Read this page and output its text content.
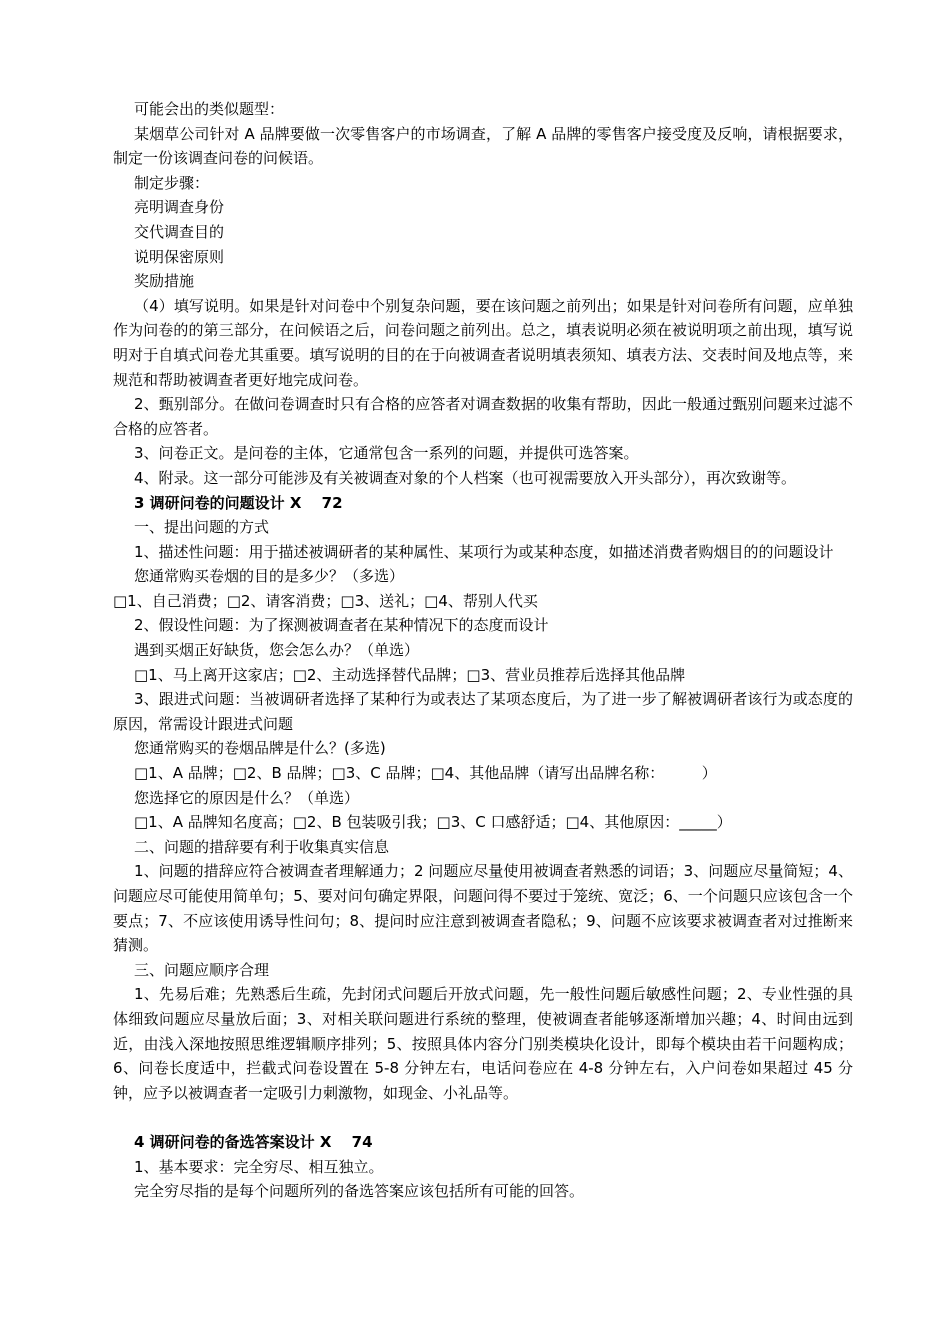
可能会出的类似题型：

某烟草公司针对 A 品牌要做一次零售客户的市场调查，了解 A 品牌的零售客户接受度及反响，请根据要求，制定一份该调查问卷的问候语。

制定步骤：

亮明调查身份

交代调查目的

说明保密原则

奖励措施

（4）填写说明。如果是针对问卷中个别复杂问题，要在该问题之前列出；如果是针对问卷所有问题，应单独作为问卷的的第三部分，在问候语之后，问卷问题之前列出。总之，填表说明必须在被说明项之前出现，填写说明对于自填式问卷尤其重要。填写说明的目的在于向被调查者说明填表须知、填表方法、交表时间及地点等，来规范和帮助被调查者更好地完成问卷。

2、甄别部分。在做问卷调查时只有合格的应答者对调查数据的收集有帮助，因此一般通过甄别问题来过滤不合格的应答者。

3、问卷正文。是问卷的主体，它通常包含一系列的问题，并提供可选答案。

4、附录。这一部分可能涉及有关被调查对象的个人档案（也可视需要放入开头部分），再次致谢等。

3 调研问卷的问题设计 X　 72

一、提出问题的方式

1、描述性问题：用于描述被调研者的某种属性、某项行为或某种态度，如描述消费者购烟目的的问题设计

您通常购买卷烟的目的是多少？（多选）

□1、自己消费；□2、请客消费；□3、送礼；□4、帮别人代买

2、假设性问题：为了探测被调查者在某种情况下的态度而设计

遇到买烟正好缺货，您会怎么办？（单选）

□1、马上离开这家店；□2、主动选择替代品牌；□3、营业员推荐后选择其他品牌

3、跟进式问题：当被调研者选择了某种行为或表达了某项态度后，为了进一步了解被调研者该行为或态度的原因，常需设计跟进式问题

您通常购买的卷烟品牌是什么？(多选)

□1、A 品牌；□2、B 品牌；□3、C 品牌；□4、其他品牌（请写出品牌名称：　　　）

您选择它的原因是什么？（单选）

□1、A 品牌知名度高；□2、B 包装吸引我；□3、C 口感舒适；□4、其他原因：_____）

二、问题的措辞要有利于收集真实信息

1、问题的措辞应符合被调查者理解通力；2 问题应尽量使用被调查者熟悉的词语；3、问题应尽量简短；4、问题应尽可能使用简单句；5、要对问句确定界限，问题问得不要过于笼统、宽泛；6、一个问题只应该包含一个要点；7、不应该使用诱导性问句；8、提问时应注意到被调查者隐私；9、问题不应该要求被调查者对过推断来猜测。

三、问题应顺序合理

1、先易后难；先熟悉后生疏，先封闭式问题后开放式问题，先一般性问题后敏感性问题；2、专业性强的具体细致问题应尽量放后面；3、对相关联问题进行系统的整理，使被调查者能够逐渐增加兴趣；4、时间由远到近，由浅入深地按照思维逻辑顺序排列；5、按照具体内容分门别类模块化设计，即每个模块由若干问题构成；6、问卷长度适中，拦截式问卷设置在 5-8 分钟左右，电话问卷应在 4-8 分钟左右，入户问卷如果超过 45 分钟，应予以被调查者一定吸引力刺激物，如现金、小礼品等。

4 调研问卷的备选答案设计 X　 74

1、基本要求：完全穷尽、相互独立。

完全穷尽指的是每个问题所列的备选答案应该包括所有可能的回答。
